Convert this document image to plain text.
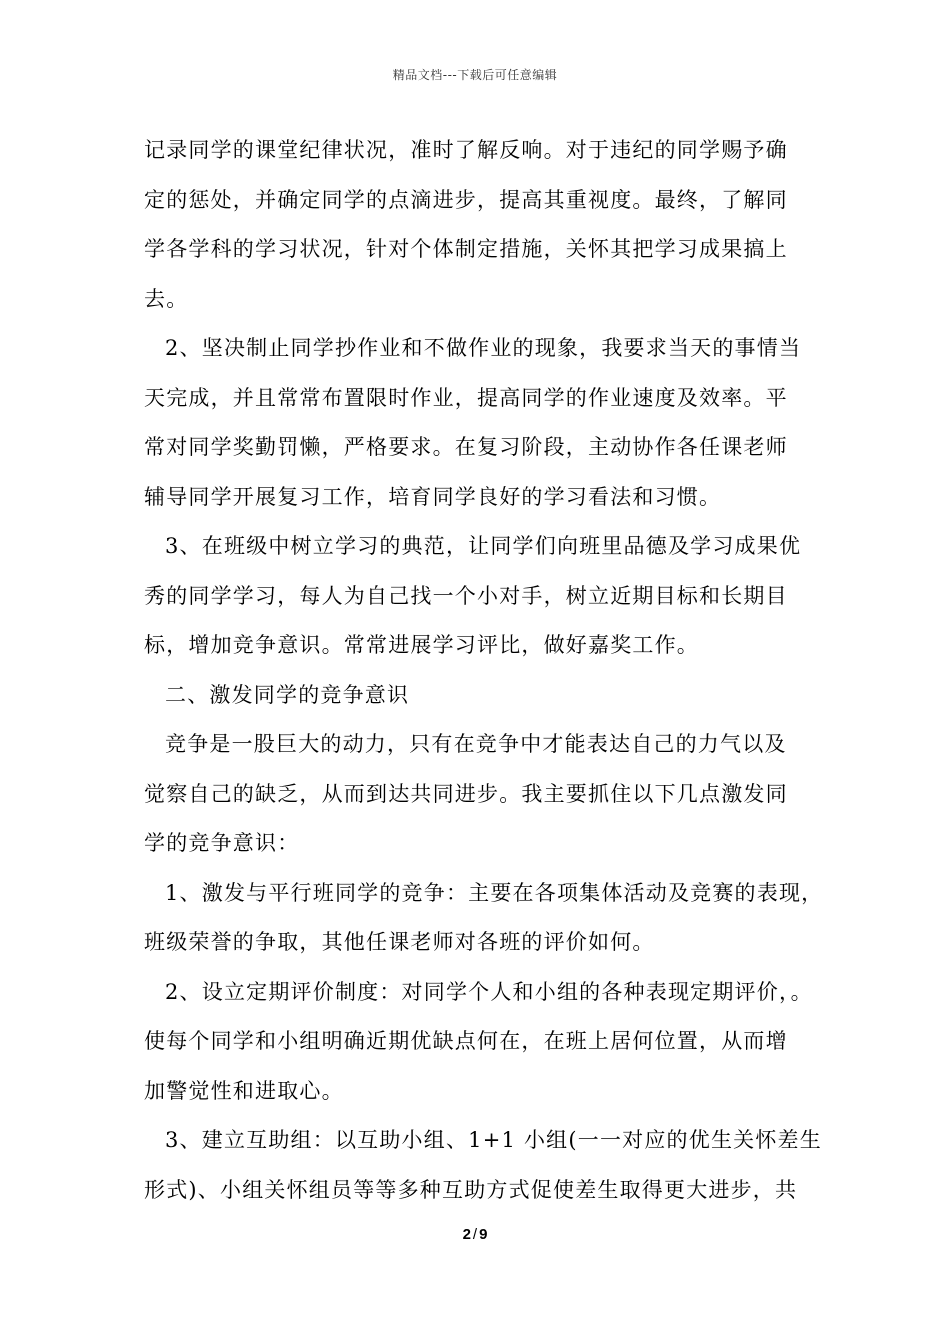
精品文档---下载后可任意编辑
记录同学的课堂纪律状况，准时了解反响。对于违纪的同学赐予确
定的惩处，并确定同学的点滴进步，提高其重视度。最终，了解同
学各学科的学习状况，针对个体制定措施，关怀其把学习成果搞上
去。
2、坚决制止同学抄作业和不做作业的现象，我要求当天的事情当
天完成，并且常常布置限时作业，提高同学的作业速度及效率。平
常对同学奖勤罚懒，严格要求。在复习阶段，主动协作各任课老师
辅导同学开展复习工作，培育同学良好的学习看法和习惯。
3、在班级中树立学习的典范，让同学们向班里品德及学习成果优
秀的同学学习，每人为自己找一个小对手，树立近期目标和长期目
标，增加竞争意识。常常进展学习评比，做好嘉奖工作。
二、激发同学的竞争意识
竞争是一股巨大的动力，只有在竞争中才能表达自己的力气以及
觉察自己的缺乏，从而到达共同进步。我主要抓住以下几点激发同
学的竞争意识：
1、激发与平行班同学的竞争：主要在各项集体活动及竞赛的表现，
班级荣誉的争取，其他任课老师对各班的评价如何。
2、设立定期评价制度：对同学个人和小组的各种表现定期评价，。
使每个同学和小组明确近期优缺点何在，在班上居何位置，从而增
加警觉性和进取心。
3、建立互助组：以互助小组、1+1 小组(一一对应的优生关怀差生
形式)、小组关怀组员等等多种互助方式促使差生取得更大进步，共
2 / 9
